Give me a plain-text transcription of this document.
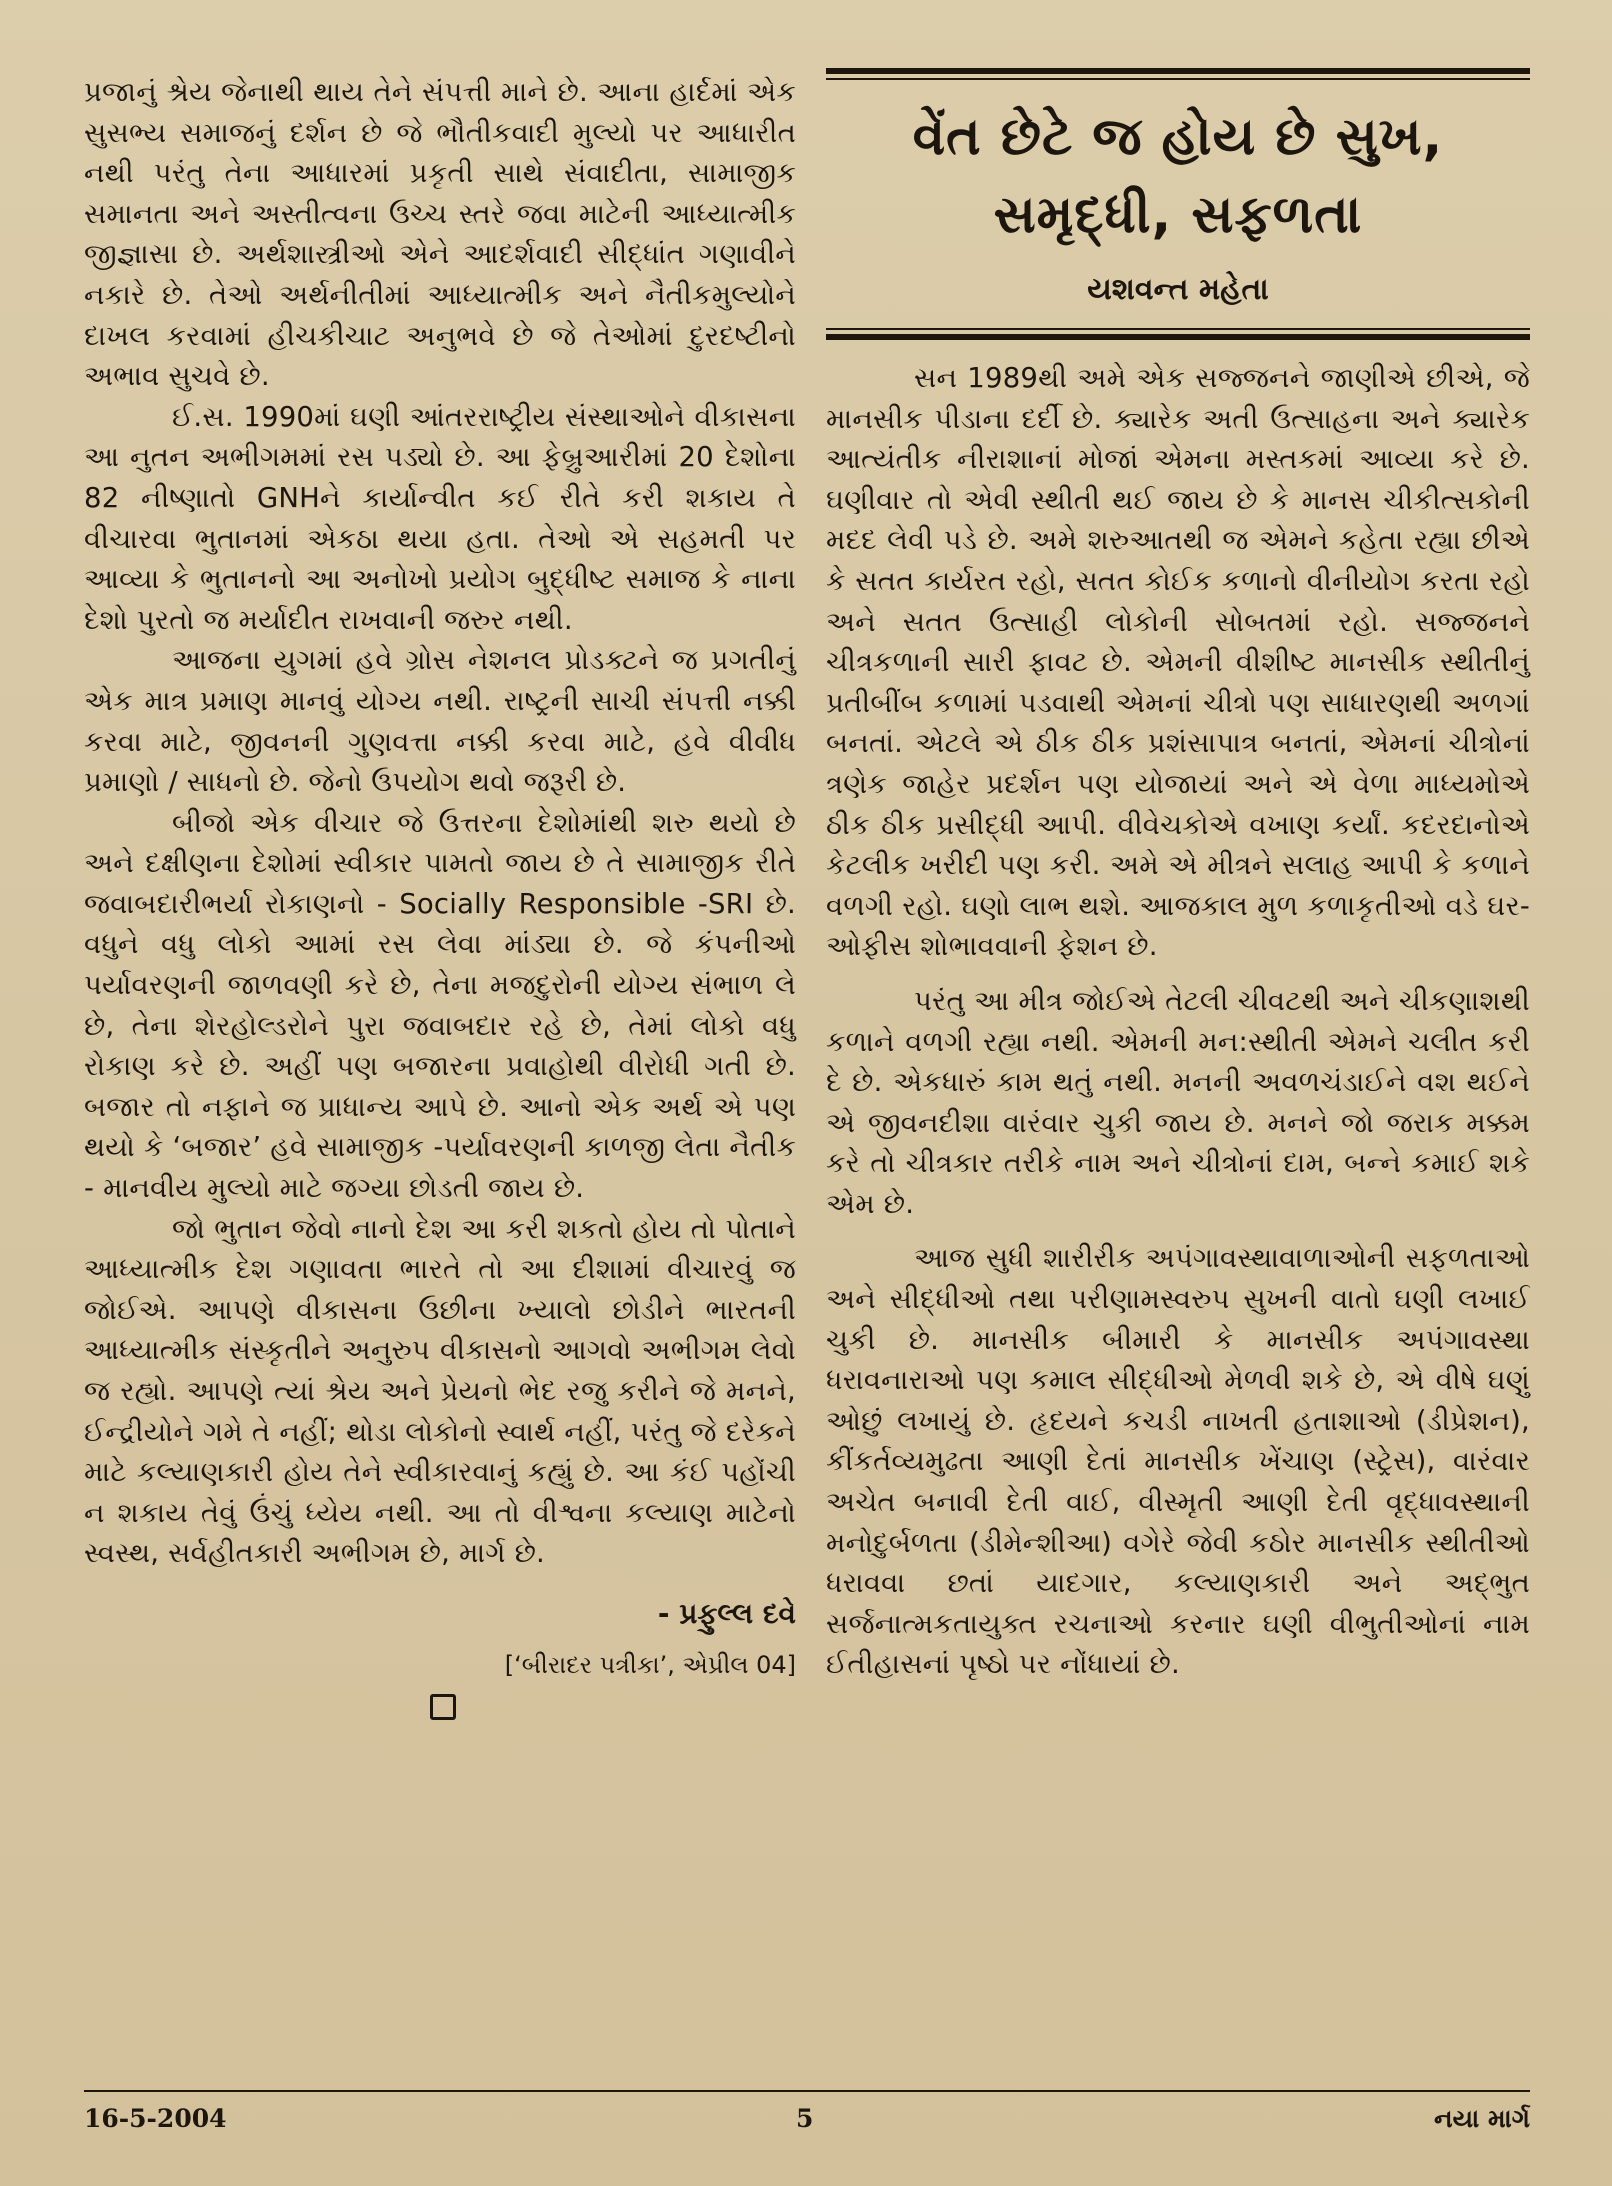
પ્રજાનું શ્રેય જેનાથી થાય તેને સંપત્તી માને છે. આના હાર્દમાં એક સુસભ્ય સમાજનું દર્શન છે જે ભૌતીકવાદી મુલ્યો પર આધારીત નથી પરંતુ તેના આધારમાં પ્રકૃતી સાથે સંવાદીતા, સામાજીક સમાનતા અને અસ્તીત્વના ઉચ્ચ સ્તરે જવા માટેની આધ્યાત્મીક જીજ્ઞાસા છે. અર્થશાસ્ત્રીઓ એને આદર્શવાદી સીદ્ધાંત ગણાવીને નકારે છે. તેઓ અર્થનીતીમાં આધ્યાત્મીક અને નૈતીકમુલ્યોને દાખલ કરવામાં હીચકીચાટ અનુભવે છે જે તેઓમાં દુરદષ્ટીનો અભાવ સુચવે છે.

ઈ.સ. 1990માં ઘણી આંતરરાષ્ટ્રીય સંસ્થાઓને વીકાસના આ નુતન અભીગમમાં રસ પડ્યો છે. આ ફેબ્રુઆરીમાં 20 દેશોના 82 નીષ્ણાતો GNHને કાર્યાન્વીત કઈ રીતે કરી શકાય તે વીચારવા ભુતાનમાં એકઠા થયા હતા. તેઓ એ સહમતી પર આવ્યા કે ભુતાનનો આ અનોખો પ્રયોગ બુદ્ધીષ્ટ સમાજ કે નાના દેશો પુરતો જ મર્યાદીત રાખવાની જરુર નથી.

આજના યુગમાં હવે ગ્રોસ નેશનલ પ્રોડક્ટને જ પ્રગતીનું એક માત્ર પ્રમાણ માનવું યોગ્ય નથી. રાષ્ટ્રની સાચી સંપત્તી નક્કી કરવા માટે, જીવનની ગુણવત્તા નક્કી કરવા માટે, હવે વીવીધ પ્રમાણો / સાધનો છે. જેનો ઉપયોગ થવો જરૂરી છે.

બીજો એક વીચાર જે ઉત્તરના દેશોમાંથી શરુ થયો છે અને દક્ષીણના દેશોમાં સ્વીકાર પામતો જાય છે તે સામાજીક રીતે જવાબદારીભર્યા રોકાણનો - Socially Responsible -SRI છે. વધુને વધુ લોકો આમાં રસ લેવા માંડ્યા છે. જે કંપનીઓ પર્યાવરણની જાળવણી કરે છે, તેના મજદુરોની યોગ્ય સંભાળ લે છે, તેના શેરહોલ્ડરોને પુરા જવાબદાર રહે છે, તેમાં લોકો વધુ રોકાણ કરે છે. અહીં પણ બજારના પ્રવાહોથી વીરોધી ગતી છે. બજાર તો નફાને જ પ્રાધાન્ય આપે છે. આનો એક અર્થ એ પણ થયો કે ‘બજાર’ હવે સામાજીક -પર્યાવરણની કાળજી લેતા નૈતીક - માનવીય મુલ્યો માટે જગ્યા છોડતી જાય છે.

જો ભુતાન જેવો નાનો દેશ આ કરી શકતો હોય તો પોતાને આધ્યાત્મીક દેશ ગણાવતા ભારતે તો આ દીશામાં વીચારવું જ જોઈએ. આપણે વીકાસના ઉછીના ખ્યાલો છોડીને ભારતની આધ્યાત્મીક સંસ્કૃતીને અનુરુપ વીકાસનો આગવો અભીગમ લેવો જ રહ્યો. આપણે ત્યાં શ્રેય અને પ્રેયનો ભેદ રજુ કરીને જે મનને, ઈન્દ્રીયોને ગમે તે નહીં; થોડા લોકોનો સ્વાર્થ નહીં, પરંતુ જે દરેકને માટે કલ્યાણકારી હોય તેને સ્વીકારવાનું કહ્યું છે. આ કંઈ પહોંચી ન શકાય તેવું ઉંચું ધ્યેય નથી. આ તો વીશ્વના કલ્યાણ માટેનો સ્વસ્થ, સર્વહીતકારી અભીગમ છે, માર્ગ છે.

- પ્રફુલ્લ દવે
[‘બીરાદર પત્રીકા’, એપ્રીલ 04]
વેંત છેટે જ હોય છે સુખ,
સમૃદ્ધી, સફળતા
યશવન્ત મહેતા

સન 1989થી અમે એક સજ્જનને જાણીએ છીએ, જે માનસીક પીડાના દર્દી છે. ક્યારેક અતી ઉત્સાહના અને ક્યારેક આત્યંતીક નીરાશાનાં મોજાં એમના મસ્તકમાં આવ્યા કરે છે. ઘણીવાર તો એવી સ્થીતી થઈ જાય છે કે માનસ ચીકીત્સકોની મદદ લેવી પડે છે. અમે શરુઆતથી જ એમને કહેતા રહ્યા છીએ કે સતત કાર્યરત રહો, સતત કોઈક કળાનો વીનીયોગ કરતા રહો અને સતત ઉત્સાહી લોકોની સોબતમાં રહો. સજ્જનને ચીત્રકળાની સારી ફાવટ છે. એમની વીશીષ્ટ માનસીક સ્થીતીનું પ્રતીબીંબ કળામાં પડવાથી એમનાં ચીત્રો પણ સાધારણથી અળગાં બનતાં. એટલે એ ઠીક ઠીક પ્રશંસાપાત્ર બનતાં, એમનાં ચીત્રોનાં ત્રણેક જાહેર પ્રદર્શન પણ યોજાયાં અને એ વેળા માધ્યમોએ ઠીક ઠીક પ્રસીદ્ધી આપી. વીવેચકોએ વખાણ કર્યાં. કદરદાનોએ કેટલીક ખરીદી પણ કરી. અમે એ મીત્રને સલાહ આપી કે કળાને વળગી રહો. ઘણો લાભ થશે. આજકાલ મુળ કળાકૃતીઓ વડે ઘર-ઓફીસ શોભાવવાની ફેશન છે.

પરંતુ આ મીત્ર જોઈએ તેટલી ચીવટથી અને ચીકણાશથી કળાને વળગી રહ્યા નથી. એમની મન:સ્થીતી એમને ચલીત કરી દે છે. એકધારું કામ થતું નથી. મનની અવળચંડાઈને વશ થઈને એ જીવનદીશા વારંવાર ચુકી જાય છે. મનને જો જરાક મક્કમ કરે તો ચીત્રકાર તરીકે નામ અને ચીત્રોનાં દામ, બન્ને કમાઈ શકે એમ છે.

આજ સુધી શારીરીક અપંગાવસ્થાવાળાઓની સફળતાઓ અને સીદ્ધીઓ તથા પરીણામસ્વરુપ સુખની વાતો ઘણી લખાઈ ચુકી છે. માનસીક બીમારી કે માનસીક અપંગાવસ્થા ધરાવનારાઓ પણ કમાલ સીદ્ધીઓ મેળવી શકે છે, એ વીષે ઘણું ઓછું લખાયું છે. હૃદયને કચડી નાખતી હતાશાઓ (ડીપ્રેશન), કીંકર્તવ્યમુઢતા આણી દેતાં માનસીક ખેંચાણ (સ્ટ્રેસ), વારંવાર અચેત બનાવી દેતી વાઈ, વીસ્મૃતી આણી દેતી વૃદ્ધાવસ્થાની મનોદુર્બળતા (ડીમેન્શીઆ) વગેરે જેવી કઠોર માનસીક સ્થીતીઓ ધરાવવા છતાં યાદગાર, કલ્યાણકારી અને અદ્ભુત સર્જનાત્મકતાયુક્ત રચનાઓ કરનાર ઘણી વીભુતીઓનાં નામ ઈતીહાસનાં પૃષ્ઠો પર નોંધાયાં છે.

16-5-2004	5	નયા માર્ગ
